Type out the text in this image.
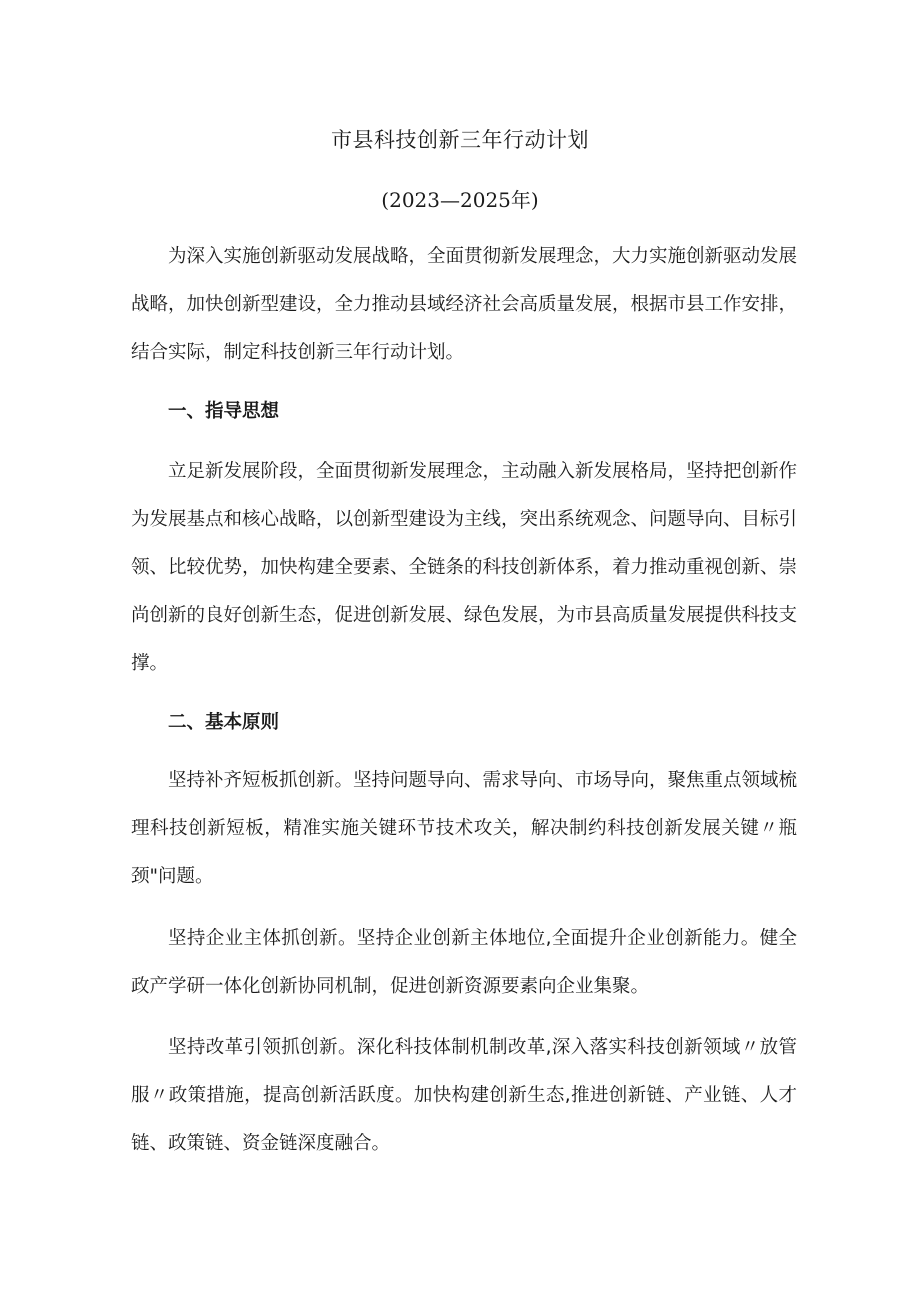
市县科技创新三年行动计划
(2023—2025年)

为深入实施创新驱动发展战略，全面贯彻新发展理念，大力实施创新驱动发展战略，加快创新型建设，全力推动县域经济社会高质量发展，根据市县工作安排，结合实际，制定科技创新三年行动计划。

一、指导思想

立足新发展阶段，全面贯彻新发展理念，主动融入新发展格局，坚持把创新作为发展基点和核心战略，以创新型建设为主线，突出系统观念、问题导向、目标引领、比较优势，加快构建全要素、全链条的科技创新体系，着力推动重视创新、崇尚创新的良好创新生态，促进创新发展、绿色发展，为市县高质量发展提供科技支撑。

二、基本原则

坚持补齐短板抓创新。坚持问题导向、需求导向、市场导向，聚焦重点领域梳理科技创新短板，精准实施关键环节技术攻关，解决制约科技创新发展关键〃瓶颈"问题。

坚持企业主体抓创新。坚持企业创新主体地位,全面提升企业创新能力。健全政产学研一体化创新协同机制，促进创新资源要素向企业集聚。

坚持改革引领抓创新。深化科技体制机制改革,深入落实科技创新领域〃放管服〃政策措施，提高创新活跃度。加快构建创新生态,推进创新链、产业链、人才链、政策链、资金链深度融合。
